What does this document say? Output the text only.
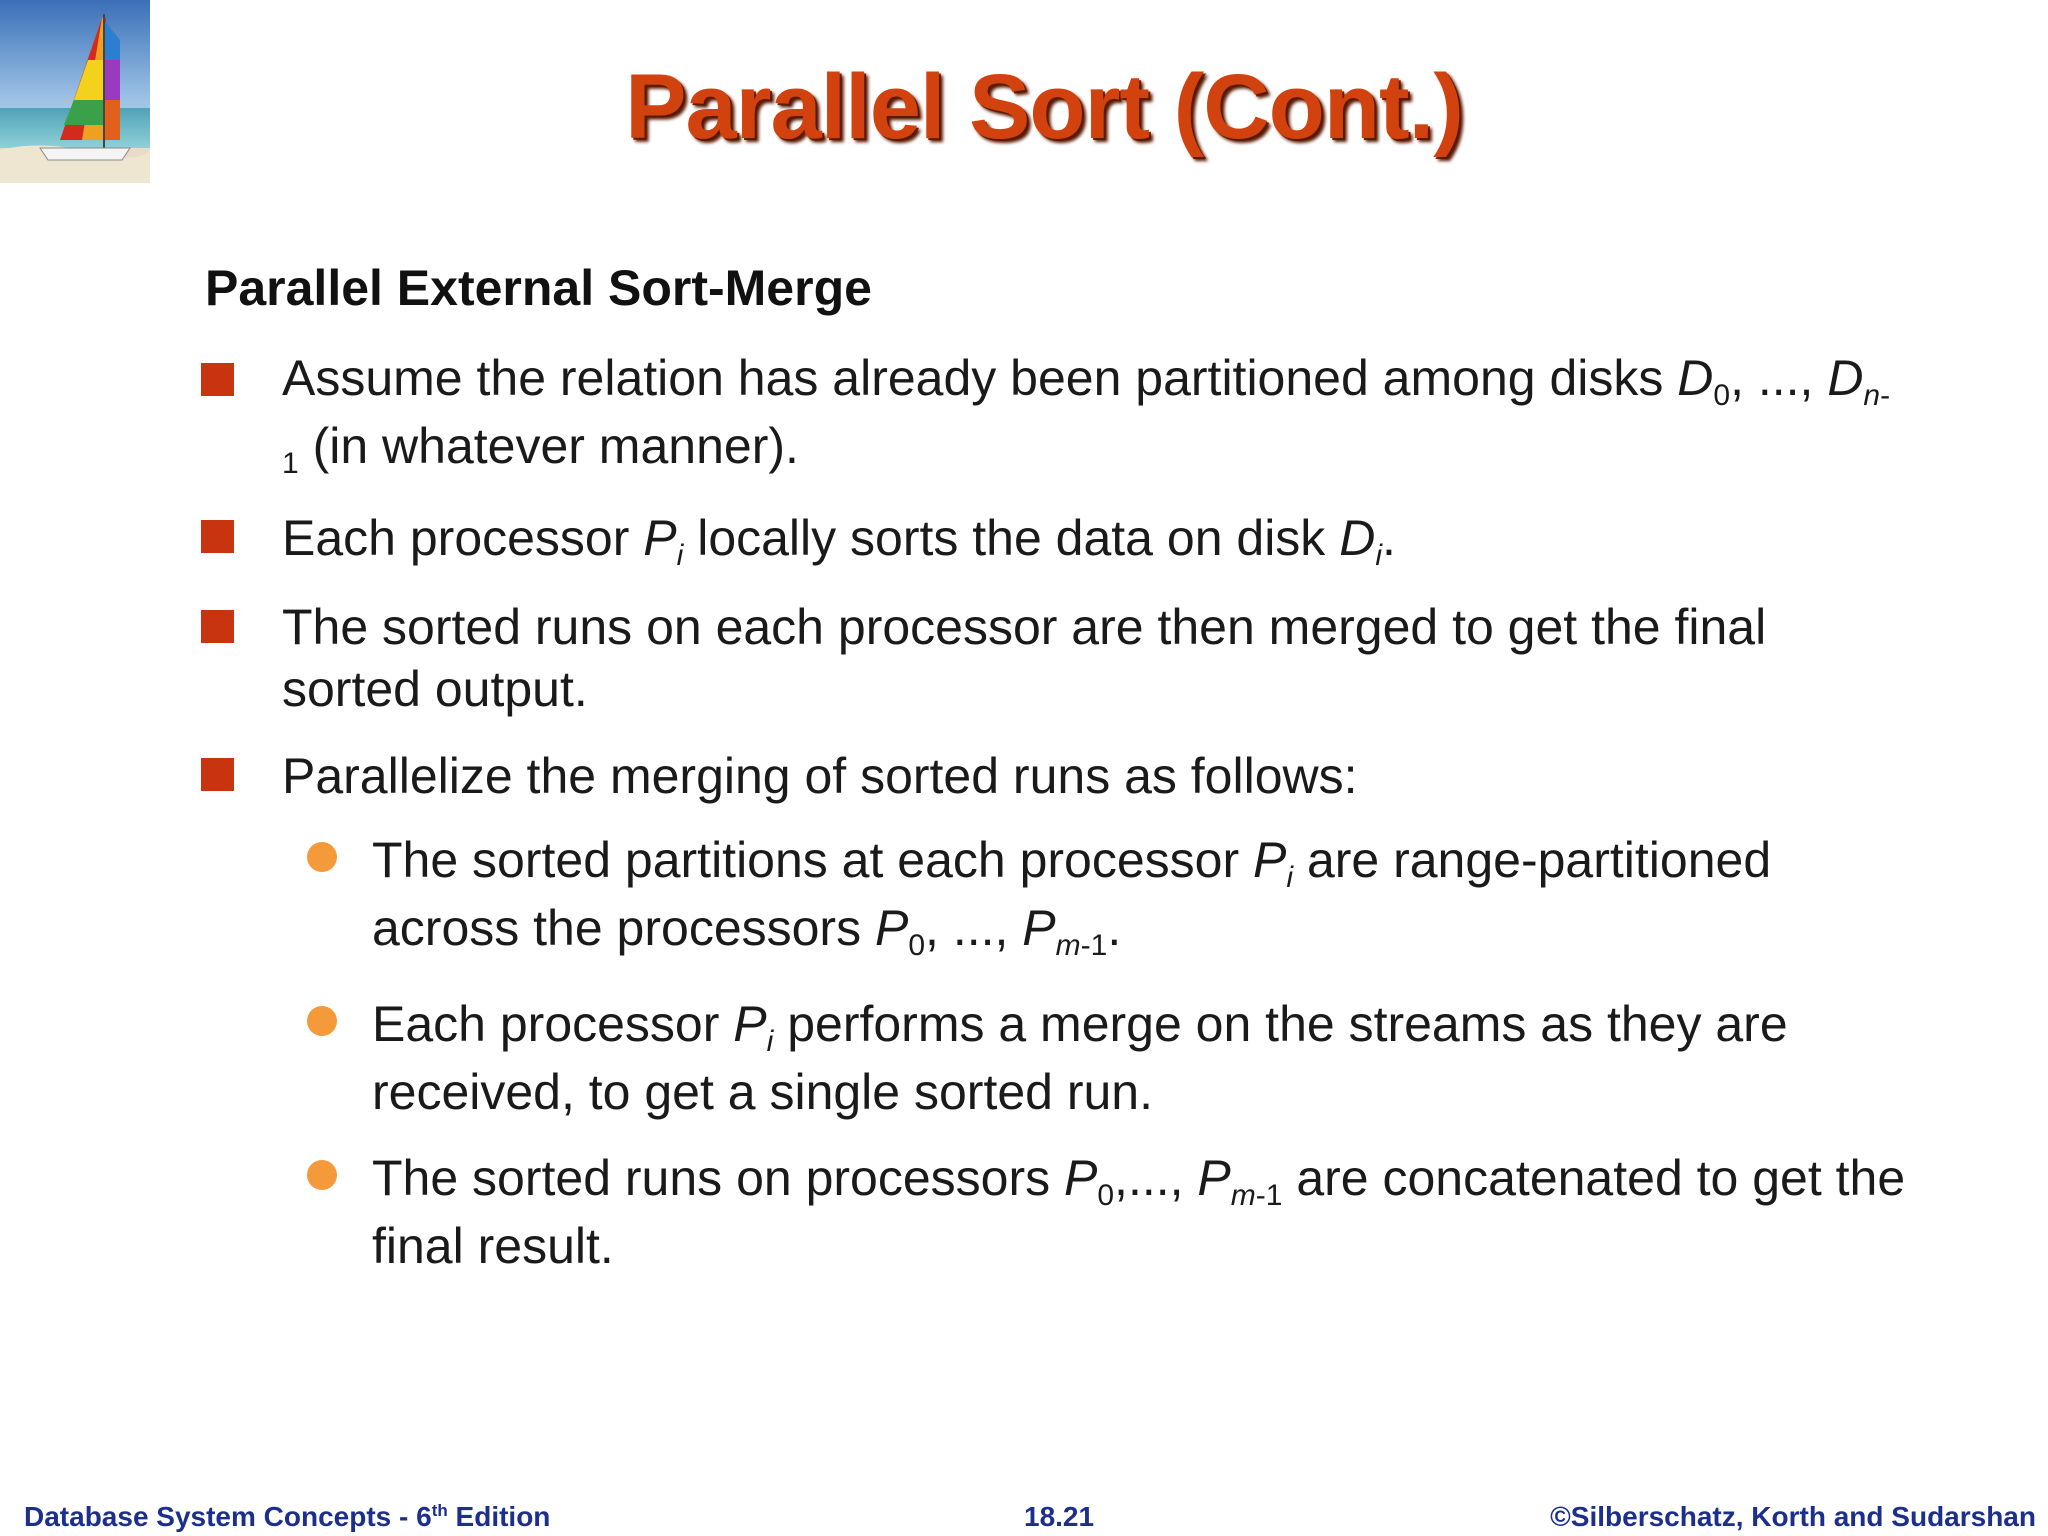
Parallel Sort (Cont.)
Parallel External Sort-Merge

Assume the relation has already been partitioned among disks $D_0$, ..., $D_{n-1}$ (in whatever manner).

Each processor $P_i$ locally sorts the data on disk $D_i$.

The sorted runs on each processor are then merged to get the final sorted output.

Parallelize the merging of sorted runs as follows:

The sorted partitions at each processor $P_i$ are range-partitioned across the processors $P_0$, ..., $P_{m-1}$.

Each processor $P_i$ performs a merge on the streams as they are received, to get a single sorted run.

The sorted runs on processors $P_0$,..., $P_{m-1}$ are concatenated to get the final result.

Database System Concepts - 6th Edition	18.21	©Silberschatz, Korth and Sudarshan
